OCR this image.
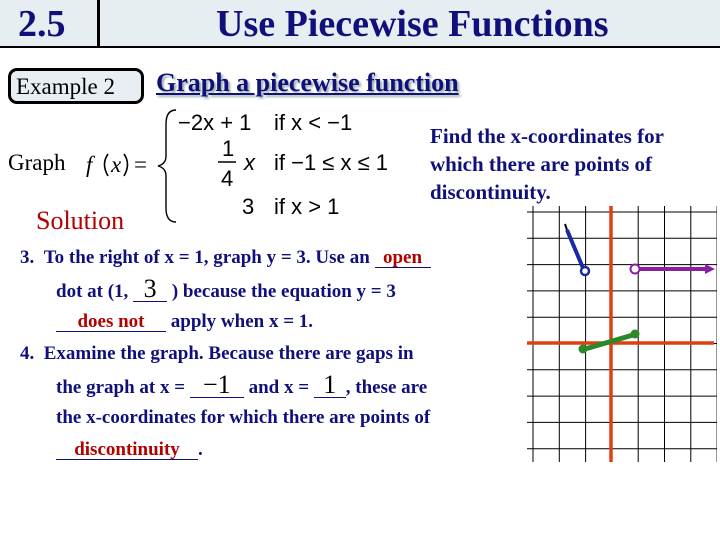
2.5	Use Piecewise Functions
Example 2 Graph a piecewise function
Graph f x =
−2x + 1 if x < −1
1
4
x if −1 ≤ x ≤ 1
3 if x > 1
Find the x-coordinates for which there are points of discontinuity.
Solution
3. To the right of x = 1, graph y = 3. Use an open
dot at (1, 3 ) because the equation y = 3
does not apply when x = 1.
4. Examine the graph. Because there are gaps in
the graph at x = −1 and x = 1 , these are
the x-coordinates for which there are points of
discontinuity .
